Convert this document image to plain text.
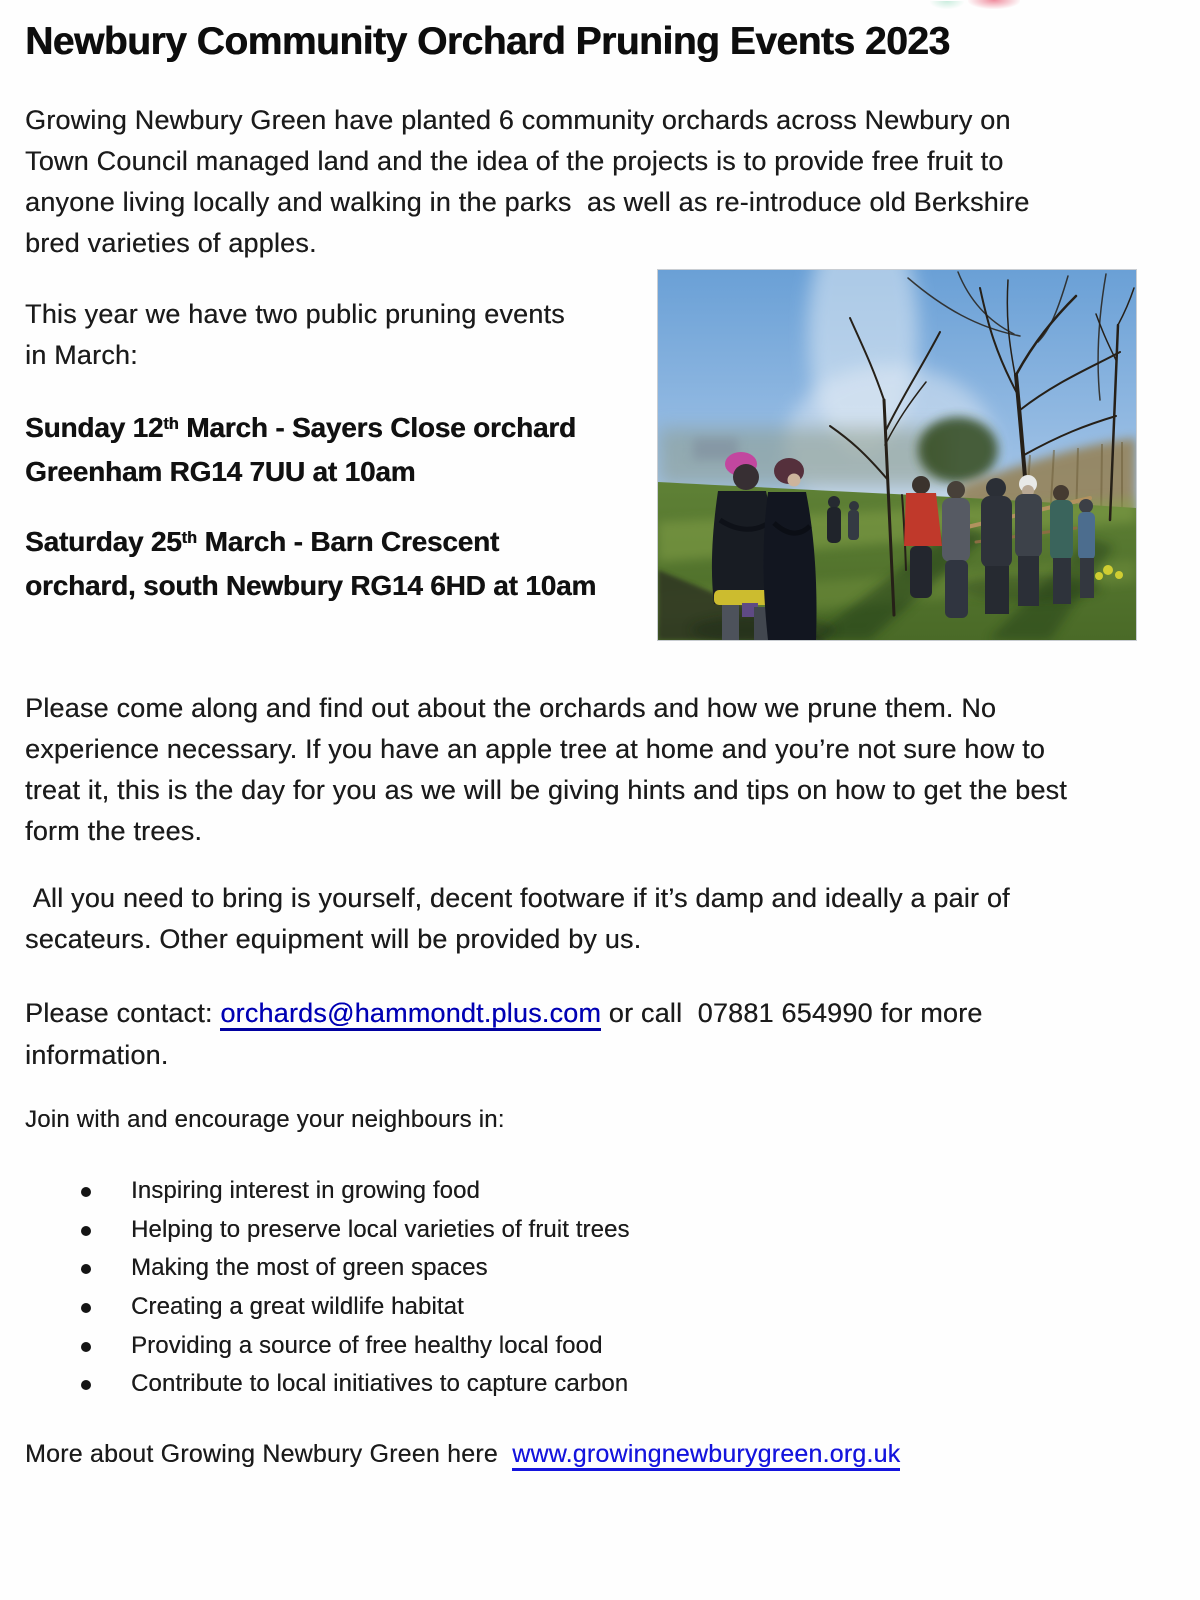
Newbury Community Orchard Pruning Events 2023

Growing Newbury Green have planted 6 community orchards across Newbury on
Town Council managed land and the idea of the projects is to provide free fruit to
anyone living locally and walking in the parks  as well as re-introduce old Berkshire
bred varieties of apples.

This year we have two public pruning events
in March:

Sunday 12th March - Sayers Close orchard
Greenham RG14 7UU at 10am

Saturday 25th March - Barn Crescent
orchard, south Newbury RG14 6HD at 10am

Please come along and find out about the orchards and how we prune them. No
experience necessary. If you have an apple tree at home and you’re not sure how to
treat it, this is the day for you as we will be giving hints and tips on how to get the best
form the trees.

All you need to bring is yourself, decent footware if it’s damp and ideally a pair of
secateurs. Other equipment will be provided by us.

Please contact: orchards@hammondt.plus.com or call  07881 654990 for more
information.

Join with and encourage your neighbours in:

Inspiring interest in growing food
Helping to preserve local varieties of fruit trees
Making the most of green spaces
Creating a great wildlife habitat
Providing a source of free healthy local food
Contribute to local initiatives to capture carbon

More about Growing Newbury Green here  www.growingnewburygreen.org.uk
